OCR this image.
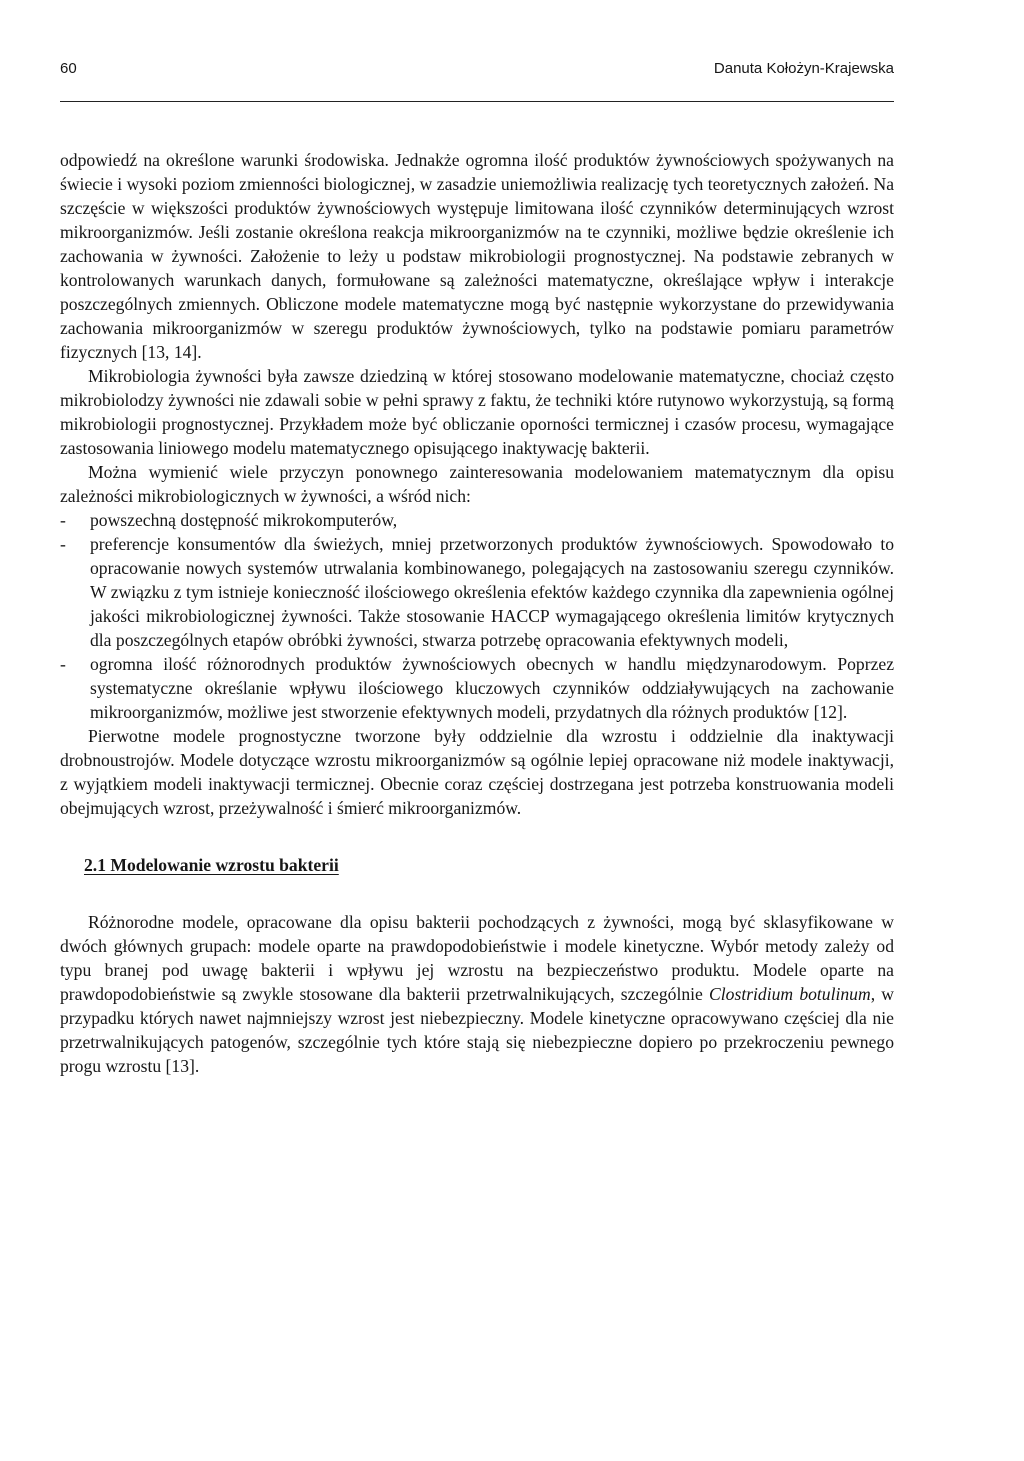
60	Danuta Kołożyn-Krajewska

odpowiedź na określone warunki środowiska. Jednakże ogromna ilość produktów żywnościowych spożywanych na świecie i wysoki poziom zmienności biologicznej, w zasadzie uniemożliwia realizację tych teoretycznych założeń. Na szczęście w większości produktów żywnościowych występuje limitowana ilość czynników determinujących wzrost mikroorganizmów. Jeśli zostanie określona reakcja mikroorganizmów na te czynniki, możliwe będzie określenie ich zachowania w żywności. Założenie to leży u podstaw mikrobiologii prognostycznej. Na podstawie zebranych w kontrolowanych warunkach danych, formułowane są zależności matematyczne, określające wpływ i interakcje poszczególnych zmiennych. Obliczone modele matematyczne mogą być następnie wykorzystane do przewidywania zachowania mikroorganizmów w szeregu produktów żywnościowych, tylko na podstawie pomiaru parametrów fizycznych [13, 14].

Mikrobiologia żywności była zawsze dziedziną w której stosowano modelowanie matematyczne, chociaż często mikrobiolodzy żywności nie zdawali sobie w pełni sprawy z faktu, że techniki które rutynowo wykorzystują, są formą mikrobiologii prognostycznej. Przykładem może być obliczanie oporności termicznej i czasów procesu, wymagające zastosowania liniowego modelu matematycznego opisującego inaktywację bakterii.

Można wymienić wiele przyczyn ponownego zainteresowania modelowaniem matematycznym dla opisu zależności mikrobiologicznych w żywności, a wśród nich:

- powszechną dostępność mikrokomputerów,
- preferencje konsumentów dla świeżych, mniej przetworzonych produktów żywnościowych. Spowodowało to opracowanie nowych systemów utrwalania kombinowanego, polegających na zastosowaniu szeregu czynników. W związku z tym istnieje konieczność ilościowego określenia efektów każdego czynnika dla zapewnienia ogólnej jakości mikrobiologicznej żywności. Także stosowanie HACCP wymagającego określenia limitów krytycznych dla poszczególnych etapów obróbki żywności, stwarza potrzebę opracowania efektywnych modeli,
- ogromna ilość różnorodnych produktów żywnościowych obecnych w handlu międzynarodowym. Poprzez systematyczne określanie wpływu ilościowego kluczowych czynników oddziaływujących na zachowanie mikroorganizmów, możliwe jest stworzenie efektywnych modeli, przydatnych dla różnych produktów [12].

Pierwotne modele prognostyczne tworzone były oddzielnie dla wzrostu i oddzielnie dla inaktywacji drobnoustrojów. Modele dotyczące wzrostu mikroorganizmów są ogólnie lepiej opracowane niż modele inaktywacji, z wyjątkiem modeli inaktywacji termicznej. Obecnie coraz częściej dostrzegana jest potrzeba konstruowania modeli obejmujących wzrost, przeżywalność i śmierć mikroorganizmów.

2.1 Modelowanie wzrostu bakterii

Różnorodne modele, opracowane dla opisu bakterii pochodzących z żywności, mogą być sklasyfikowane w dwóch głównych grupach: modele oparte na prawdopodobieństwie i modele kinetyczne. Wybór metody zależy od typu branej pod uwagę bakterii i wpływu jej wzrostu na bezpieczeństwo produktu. Modele oparte na prawdopodobieństwie są zwykle stosowane dla bakterii przetrwalnikujących, szczególnie Clostridium botulinum, w przypadku których nawet najmniejszy wzrost jest niebezpieczny. Modele kinetyczne opracowywano częściej dla nie przetrwalnikujących patogenów, szczególnie tych które stają się niebezpieczne dopiero po przekroczeniu pewnego progu wzrostu [13].
